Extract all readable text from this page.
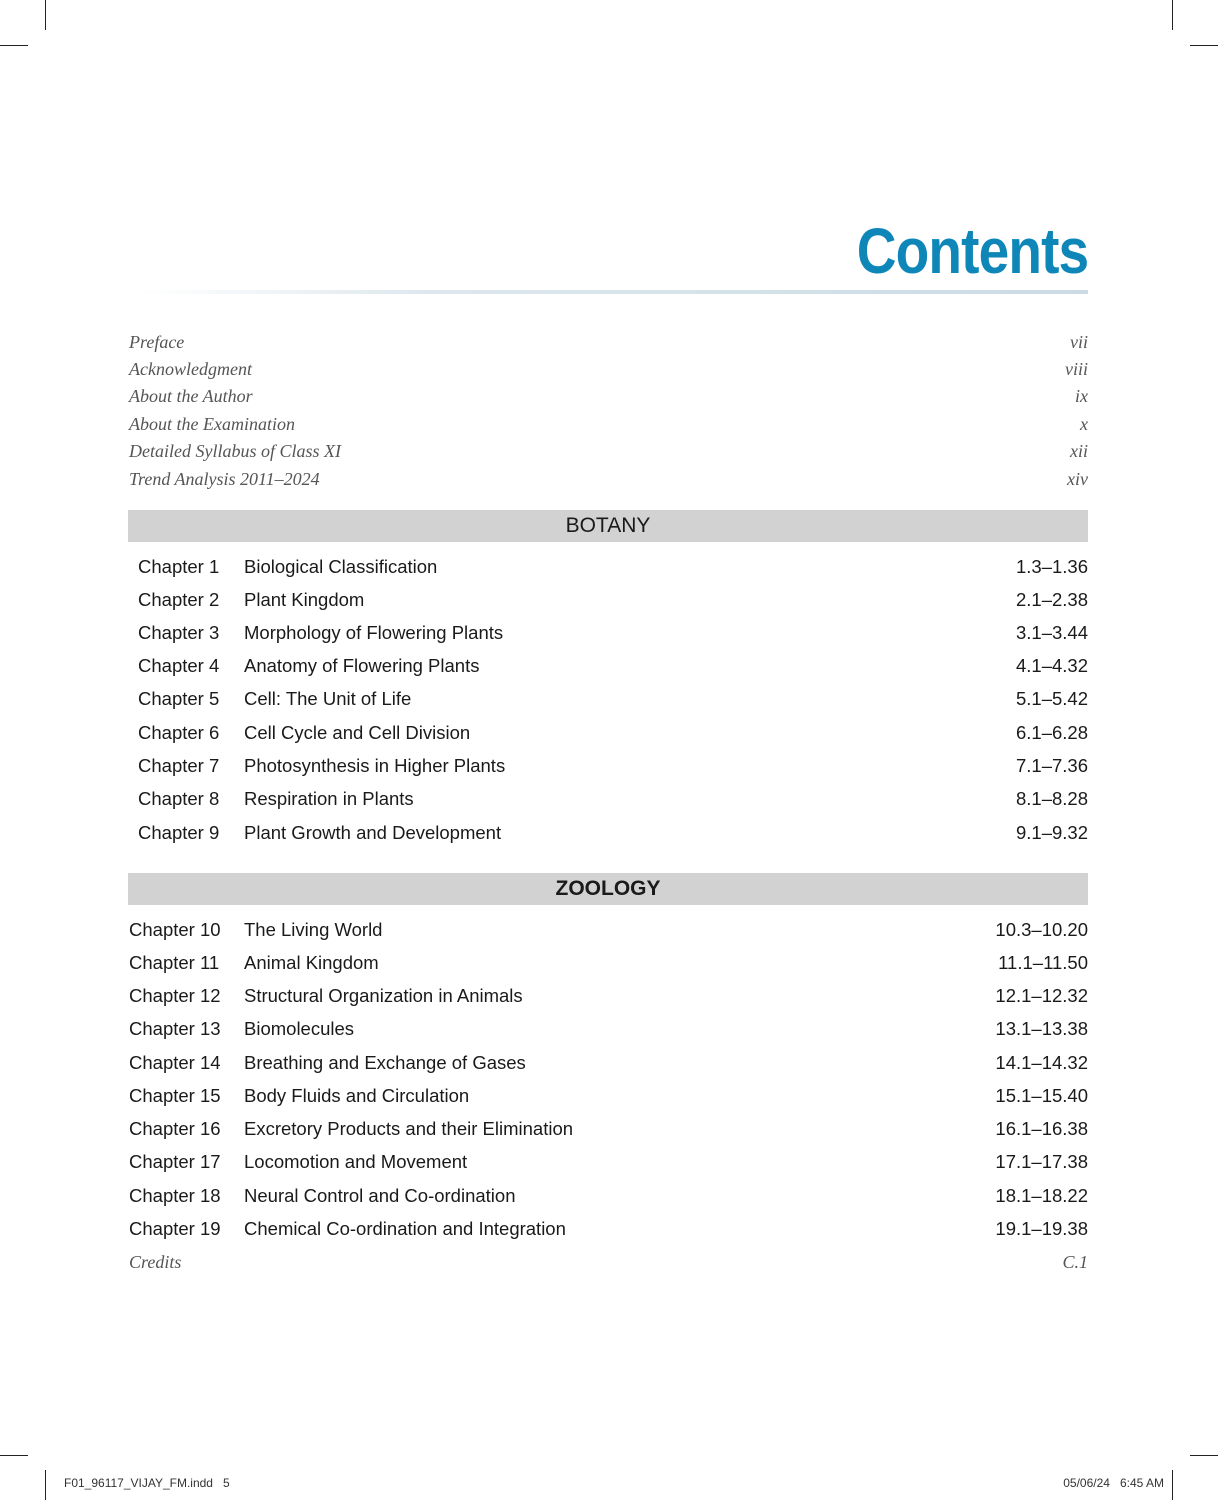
Contents
Preface	vii
Acknowledgment	viii
About the Author	ix
About the Examination	x
Detailed Syllabus of Class XI	xii
Trend Analysis 2011–2024	xiv
BOTANY
Chapter 1 Biological Classification	1.3–1.36
Chapter 2 Plant Kingdom	2.1–2.38
Chapter 3 Morphology of Flowering Plants	3.1–3.44
Chapter 4 Anatomy of Flowering Plants	4.1–4.32
Chapter 5 Cell: The Unit of Life	5.1–5.42
Chapter 6 Cell Cycle and Cell Division	6.1–6.28
Chapter 7 Photosynthesis in Higher Plants	7.1–7.36
Chapter 8 Respiration in Plants	8.1–8.28
Chapter 9 Plant Growth and Development	9.1–9.32
ZOOLOGY
Chapter 10 The Living World	10.3–10.20
Chapter 11 Animal Kingdom	11.1–11.50
Chapter 12 Structural Organization in Animals	12.1–12.32
Chapter 13 Biomolecules	13.1–13.38
Chapter 14 Breathing and Exchange of Gases	14.1–14.32
Chapter 15 Body Fluids and Circulation	15.1–15.40
Chapter 16 Excretory Products and their Elimination	16.1–16.38
Chapter 17 Locomotion and Movement	17.1–17.38
Chapter 18 Neural Control and Co-ordination	18.1–18.22
Chapter 19 Chemical Co-ordination and Integration	19.1–19.38
Credits	C.1
F01_96117_VIJAY_FM.indd   5	05/06/24   6:45 AM
